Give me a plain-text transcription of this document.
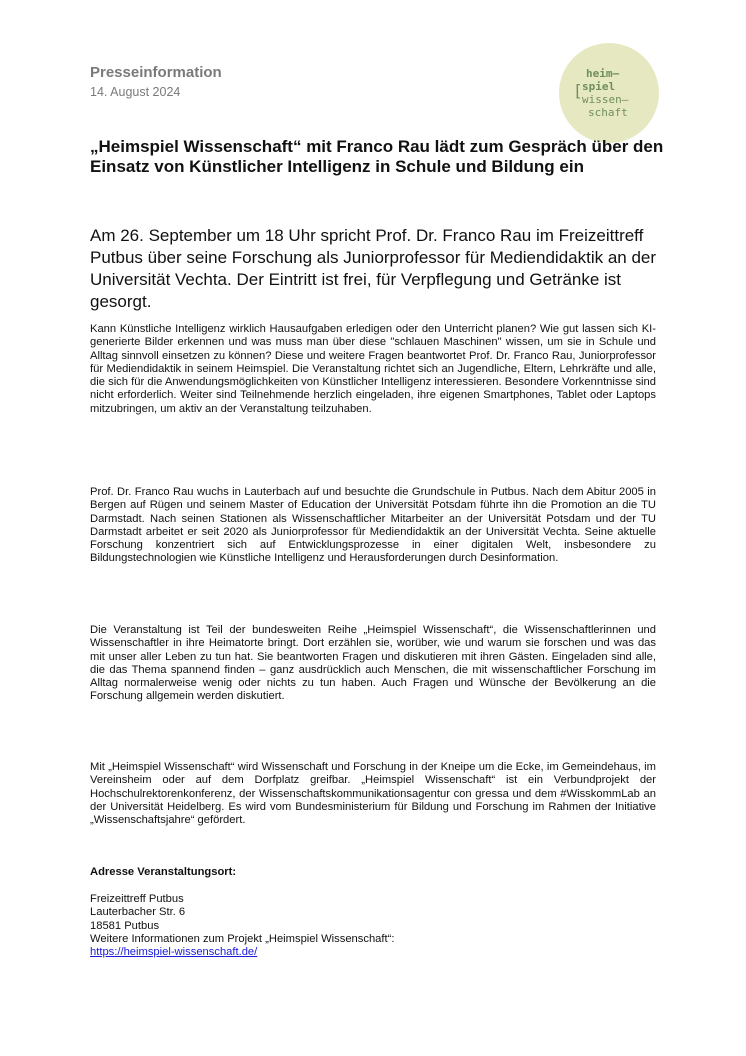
Presseinformation
14. August 2024
heim—
[ spiel
wissen—
schaft
„Heimspiel Wissenschaft“ mit Franco Rau lädt zum Gespräch über den Einsatz von Künstlicher Intelligenz in Schule und Bildung ein

Am 26. September um 18 Uhr spricht Prof. Dr. Franco Rau im Freizeittreff Putbus über seine Forschung als Juniorprofessor für Mediendidaktik an der Universität Vechta. Der Eintritt ist frei, für Verpflegung und Getränke ist gesorgt.

Kann Künstliche Intelligenz wirklich Hausaufgaben erledigen oder den Unterricht planen? Wie gut lassen sich KI-generierte Bilder erkennen und was muss man über diese "schlauen Maschinen" wissen, um sie in Schule und Alltag sinnvoll einsetzen zu können? Diese und weitere Fragen beantwortet Prof. Dr. Franco Rau, Juniorprofessor für Mediendidaktik in seinem Heimspiel. Die Veranstaltung richtet sich an Jugendliche, Eltern, Lehrkräfte und alle, die sich für die Anwendungsmöglichkeiten von Künstlicher Intelligenz interessieren. Besondere Vorkenntnisse sind nicht erforderlich. Weiter sind Teilnehmende herzlich eingeladen, ihre eigenen Smartphones, Tablet oder Laptops mitzubringen, um aktiv an der Veranstaltung teilzuhaben.

Prof. Dr. Franco Rau wuchs in Lauterbach auf und besuchte die Grundschule in Putbus. Nach dem Abitur 2005 in Bergen auf Rügen und seinem Master of Education der Universität Potsdam führte ihn die Promotion an die TU Darmstadt. Nach seinen Stationen als Wissenschaftlicher Mitarbeiter an der Universität Potsdam und der TU Darmstadt arbeitet er seit 2020 als Juniorprofessor für Mediendidaktik an der Universität Vechta. Seine aktuelle Forschung konzentriert sich auf Entwicklungsprozesse in einer digitalen Welt, insbesondere zu Bildungstechnologien wie Künstliche Intelligenz und Herausforderungen durch Desinformation.

Die Veranstaltung ist Teil der bundesweiten Reihe „Heimspiel Wissenschaft“, die Wissenschaftlerinnen und Wissenschaftler in ihre Heimatorte bringt. Dort erzählen sie, worüber, wie und warum sie forschen und was das mit unser aller Leben zu tun hat. Sie beantworten Fragen und diskutieren mit ihren Gästen. Eingeladen sind alle, die das Thema spannend finden – ganz ausdrücklich auch Menschen, die mit wissenschaftlicher Forschung im Alltag normalerweise wenig oder nichts zu tun haben. Auch Fragen und Wünsche der Bevölkerung an die Forschung allgemein werden diskutiert.

Mit „Heimspiel Wissenschaft“ wird Wissenschaft und Forschung in der Kneipe um die Ecke, im Gemeindehaus, im Vereinsheim oder auf dem Dorfplatz greifbar. „Heimspiel Wissenschaft“ ist ein Verbundprojekt der Hochschulrektorenkonferenz, der Wissenschaftskommunikationsagentur con gressa und dem #WisskommLab an der Universität Heidelberg. Es wird vom Bundesministerium für Bildung und Forschung im Rahmen der Initiative „Wissenschaftsjahre“ gefördert.

Adresse Veranstaltungsort:

Freizeittreff Putbus
Lauterbacher Str. 6
18581 Putbus
Weitere Informationen zum Projekt „Heimspiel Wissenschaft“:
https://heimspiel-wissenschaft.de/
